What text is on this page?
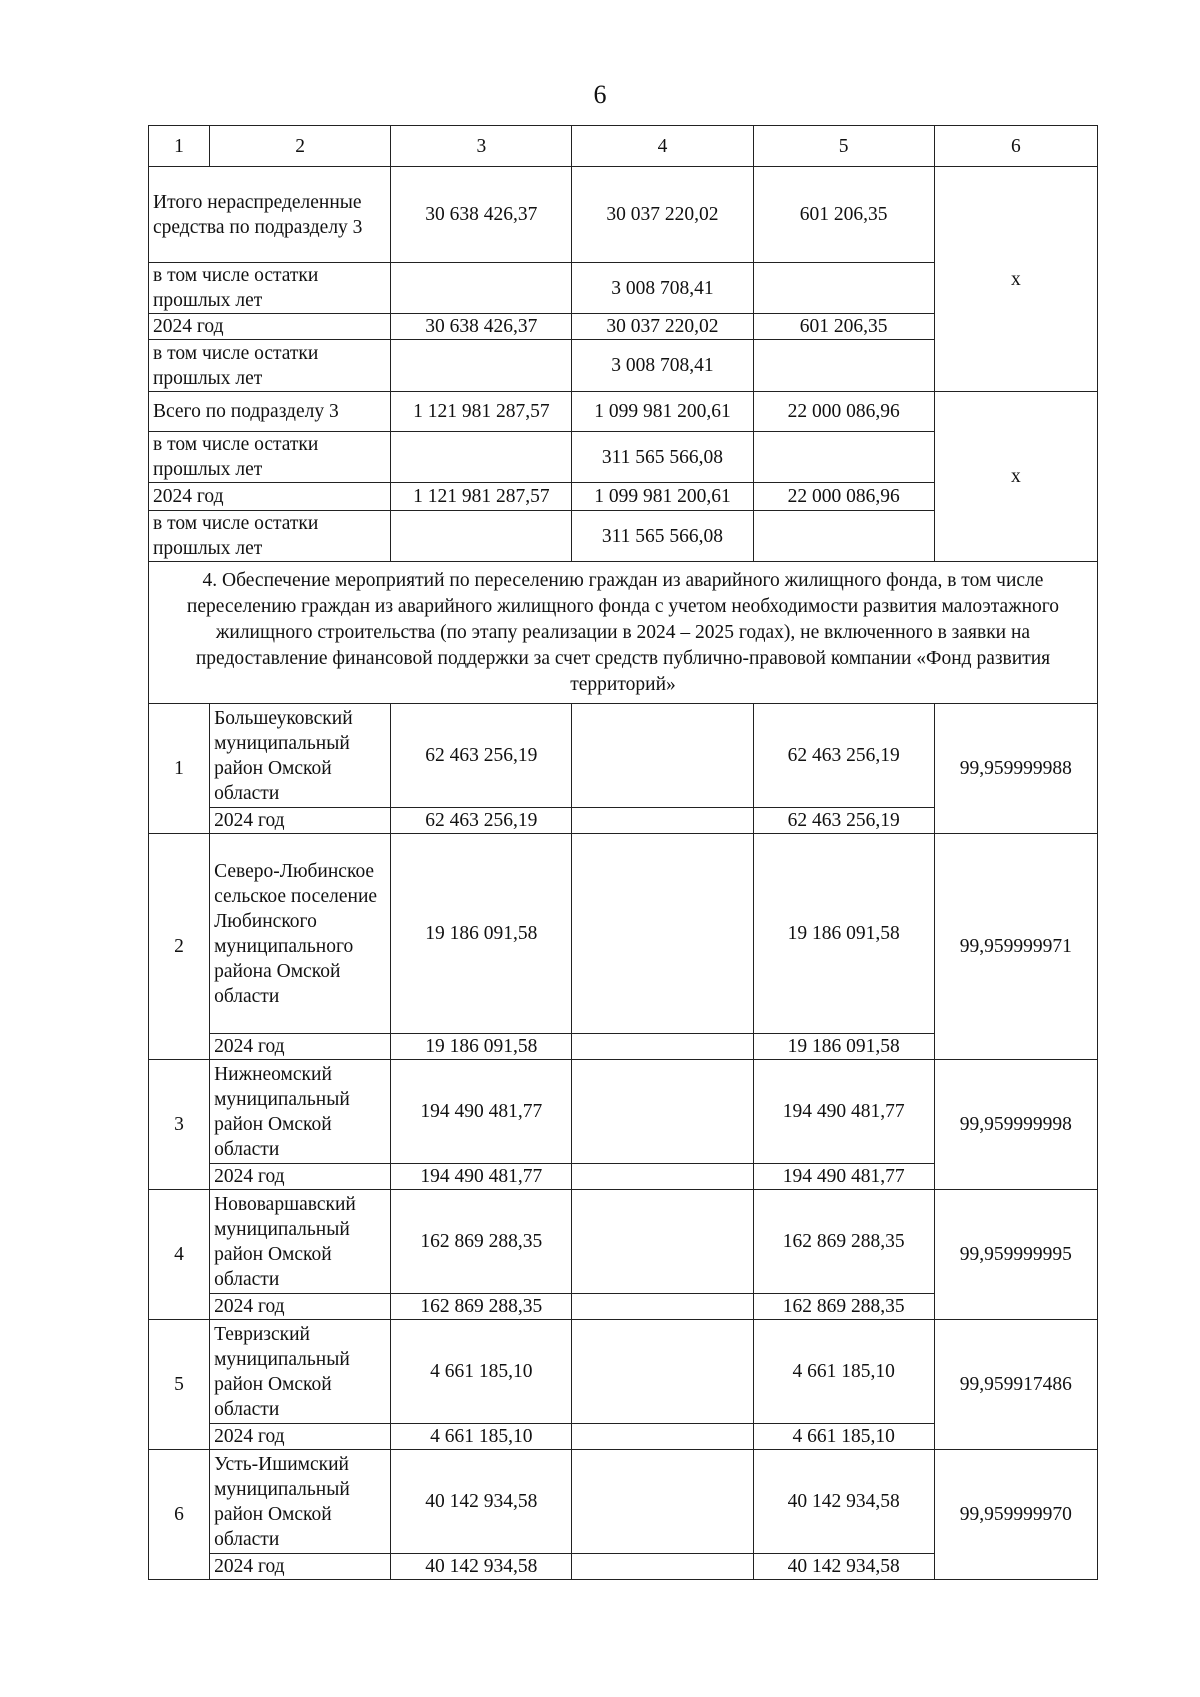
6
1	2	3	4	5	6
Итого нераспределенные средства по подразделу 3		30 638 426,37	30 037 220,02	601 206,35	х
в том числе остатки прошлых лет			3 008 708,41		
2024 год		30 638 426,37	30 037 220,02	601 206,35	
в том числе остатки прошлых лет			3 008 708,41		
Всего по подразделу 3		1 121 981 287,57	1 099 981 200,61	22 000 086,96	х
в том числе остатки прошлых лет			311 565 566,08		
2024 год		1 121 981 287,57	1 099 981 200,61	22 000 086,96	
в том числе остатки прошлых лет			311 565 566,08		
4. Обеспечение мероприятий по переселению граждан из аварийного жилищного фонда, в том числе переселению граждан из аварийного жилищного фонда с учетом необходимости развития малоэтажного жилищного строительства (по этапу реализации в 2024 – 2025 годах), не включенного в заявки на предоставление финансовой поддержки за счет средств публично-правовой компании «Фонд развития территорий»					
1	Большеуковский муниципальный район Омской области	62 463 256,19		62 463 256,19	99,959999988
	2024 год	62 463 256,19		62 463 256,19	
2	Северо-Любинское сельское поселение Любинского муниципального района Омской области	19 186 091,58		19 186 091,58	99,959999971
	2024 год	19 186 091,58		19 186 091,58	
3	Нижнеомский муниципальный район Омской области	194 490 481,77		194 490 481,77	99,959999998
	2024 год	194 490 481,77		194 490 481,77	
4	Нововаршавский муниципальный район Омской области	162 869 288,35		162 869 288,35	99,959999995
	2024 год	162 869 288,35		162 869 288,35	
5	Тевризский муниципальный район Омской области	4 661 185,10		4 661 185,10	99,959917486
	2024 год	4 661 185,10		4 661 185,10	
6	Усть-Ишимский муниципальный район Омской области	40 142 934,58		40 142 934,58	99,959999970
	2024 год	40 142 934,58		40 142 934,58	
